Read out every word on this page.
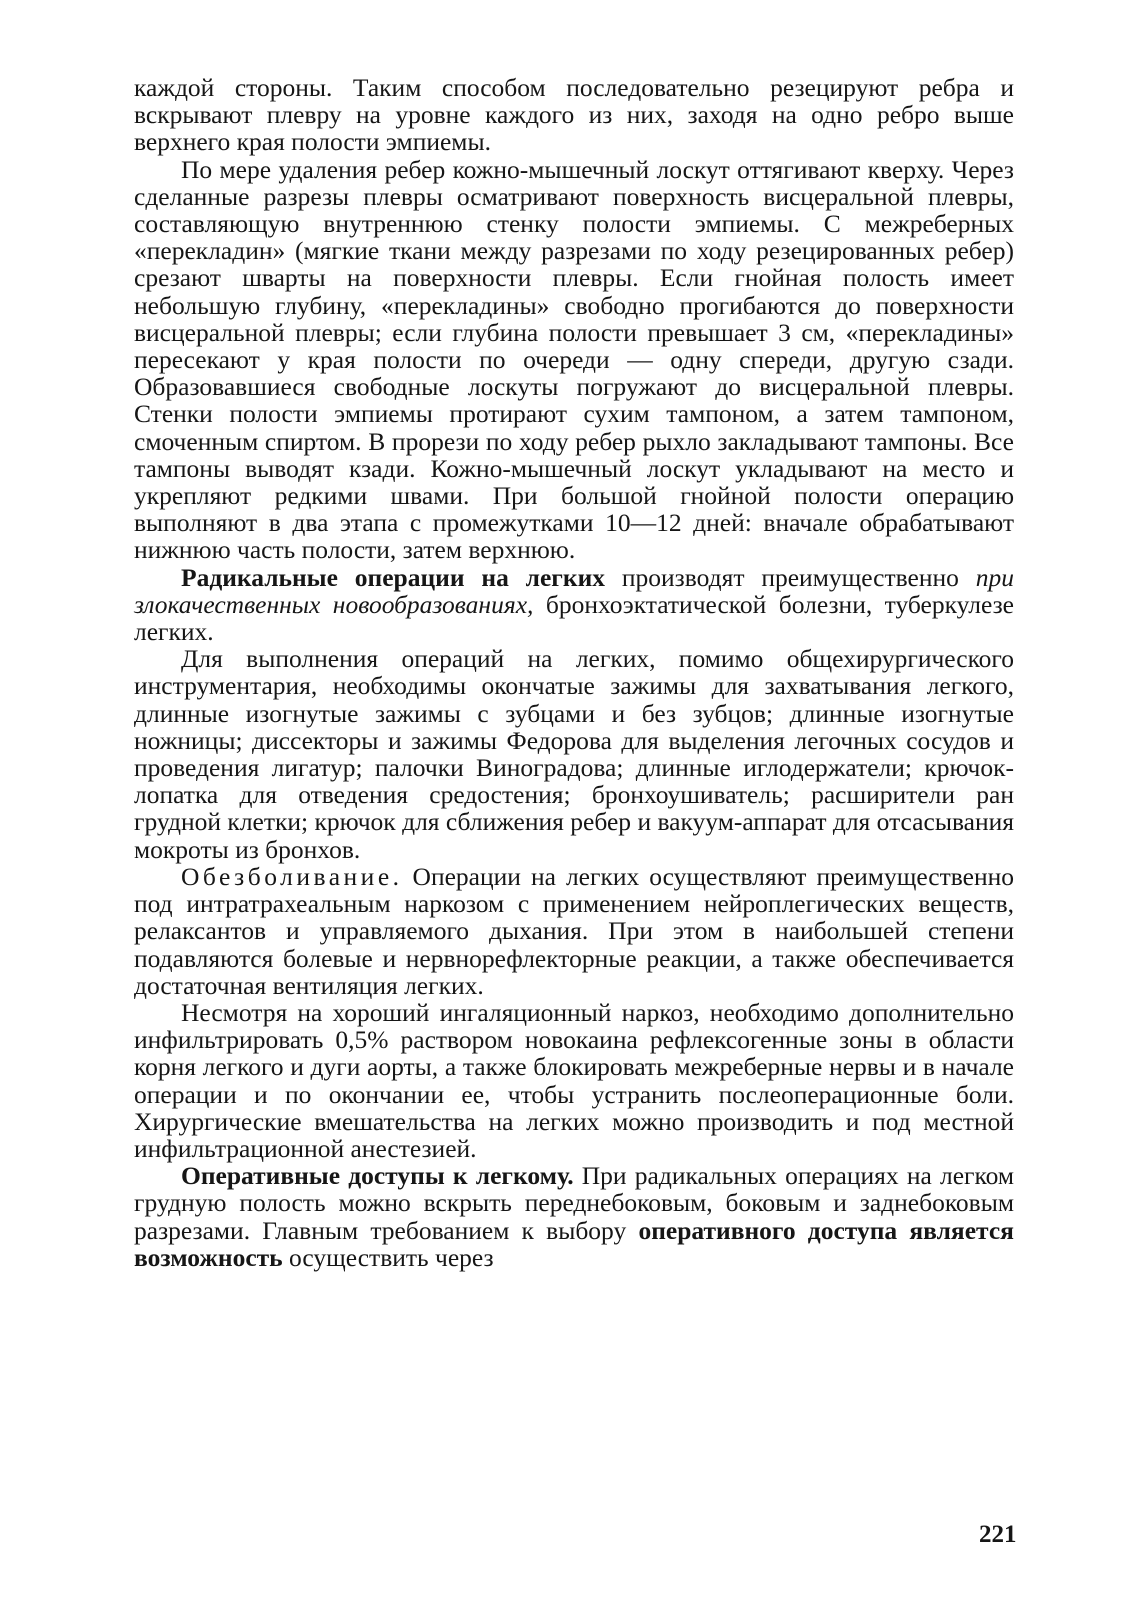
каждой стороны. Таким способом последовательно резецируют ребра и вскрывают плевру на уровне каждого из них, заходя на одно ребро выше верхнего края полости эмпиемы.

По мере удаления ребер кожно-мышечный лоскут оттягивают кверху. Через сделанные разрезы плевры осматривают поверхность висцеральной плевры, составляющую внутреннюю стенку полости эмпиемы. С межреберных «перекладин» (мягкие ткани между разрезами по ходу резецированных ребер) срезают шварты на поверхности плевры. Если гнойная полость имеет небольшую глубину, «перекладины» свободно прогибаются до поверхности висцеральной плевры; если глубина полости превышает 3 см, «перекладины» пересекают у края полости по очереди — одну спереди, другую сзади. Образовавшиеся свободные лоскуты погружают до висцеральной плевры. Стенки полости эмпиемы протирают сухим тампоном, а затем тампоном, смоченным спиртом. В прорези по ходу ребер рыхло закладывают тампоны. Все тампоны выводят кзади. Кожно-мышечный лоскут укладывают на место и укрепляют редкими швами. При большой гнойной полости операцию выполняют в два этапа с промежутками 10—12 дней: вначале обрабатывают нижнюю часть полости, затем верхнюю.

Радикальные операции на легких производят преимущественно при злокачественных новообразованиях, бронхоэктатической болезни, туберкулезе легких.

Для выполнения операций на легких, помимо общехирургического инструментария, необходимы окончатые зажимы для захватывания легкого, длинные изогнутые зажимы с зубцами и без зубцов; длинные изогнутые ножницы; диссекторы и зажимы Федорова для выделения легочных сосудов и проведения лигатур; палочки Виноградова; длинные иглодержатели; крючок-лопатка для отведения средостения; бронхоушиватель; расширители ран грудной клетки; крючок для сближения ребер и вакуум-аппарат для отсасывания мокроты из бронхов.

Обезболивание. Операции на легких осуществляют преимущественно под интратрахеальным наркозом с применением нейроплегических веществ, релаксантов и управляемого дыхания. При этом в наибольшей степени подавляются болевые и нервнорефлекторные реакции, а также обеспечивается достаточная вентиляция легких.

Несмотря на хороший ингаляционный наркоз, необходимо дополнительно инфильтрировать 0,5% раствором новокаина рефлексогенные зоны в области корня легкого и дуги аорты, а также блокировать межреберные нервы и в начале операции и по окончании ее, чтобы устранить послеоперационные боли. Хирургические вмешательства на легких можно производить и под местной инфильтрационной анестезией.

Оперативные доступы к легкому. При радикальных операциях на легком грудную полость можно вскрыть переднебоковым, боковым и заднебоковым разрезами. Главным требованием к выбору оперативного доступа является возможность осуществить через

221
